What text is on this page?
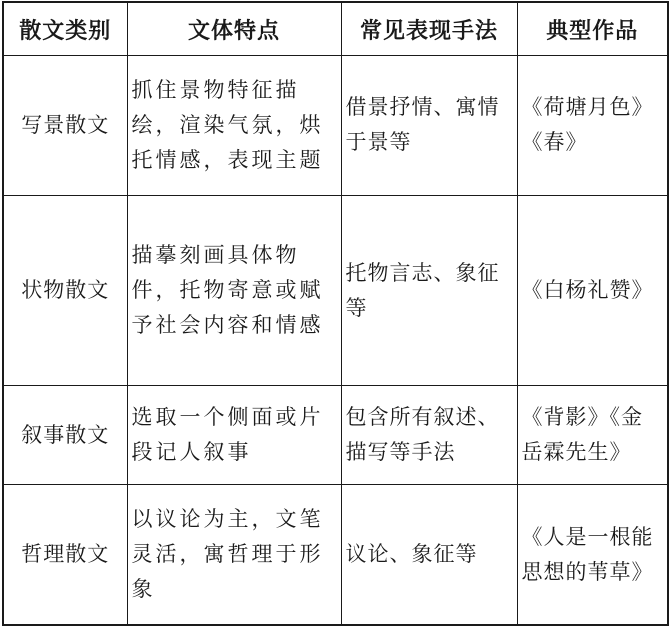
散文类别	文体特点	常见表现手法	典型作品
写景散文	抓住景物特征描绘，渲染气氛，烘托情感，表现主题	借景抒情、寓情于景等	《荷塘月色》《春》
状物散文	描摹刻画具体物件，托物寄意或赋予社会内容和情感	托物言志、象征等	《白杨礼赞》
叙事散文	选取一个侧面或片段记人叙事	包含所有叙述、描写等手法	《背影》《金岳霖先生》
哲理散文	以议论为主，文笔灵活，寓哲理于形象	议论、象征等	《人是一根能思想的苇草》
